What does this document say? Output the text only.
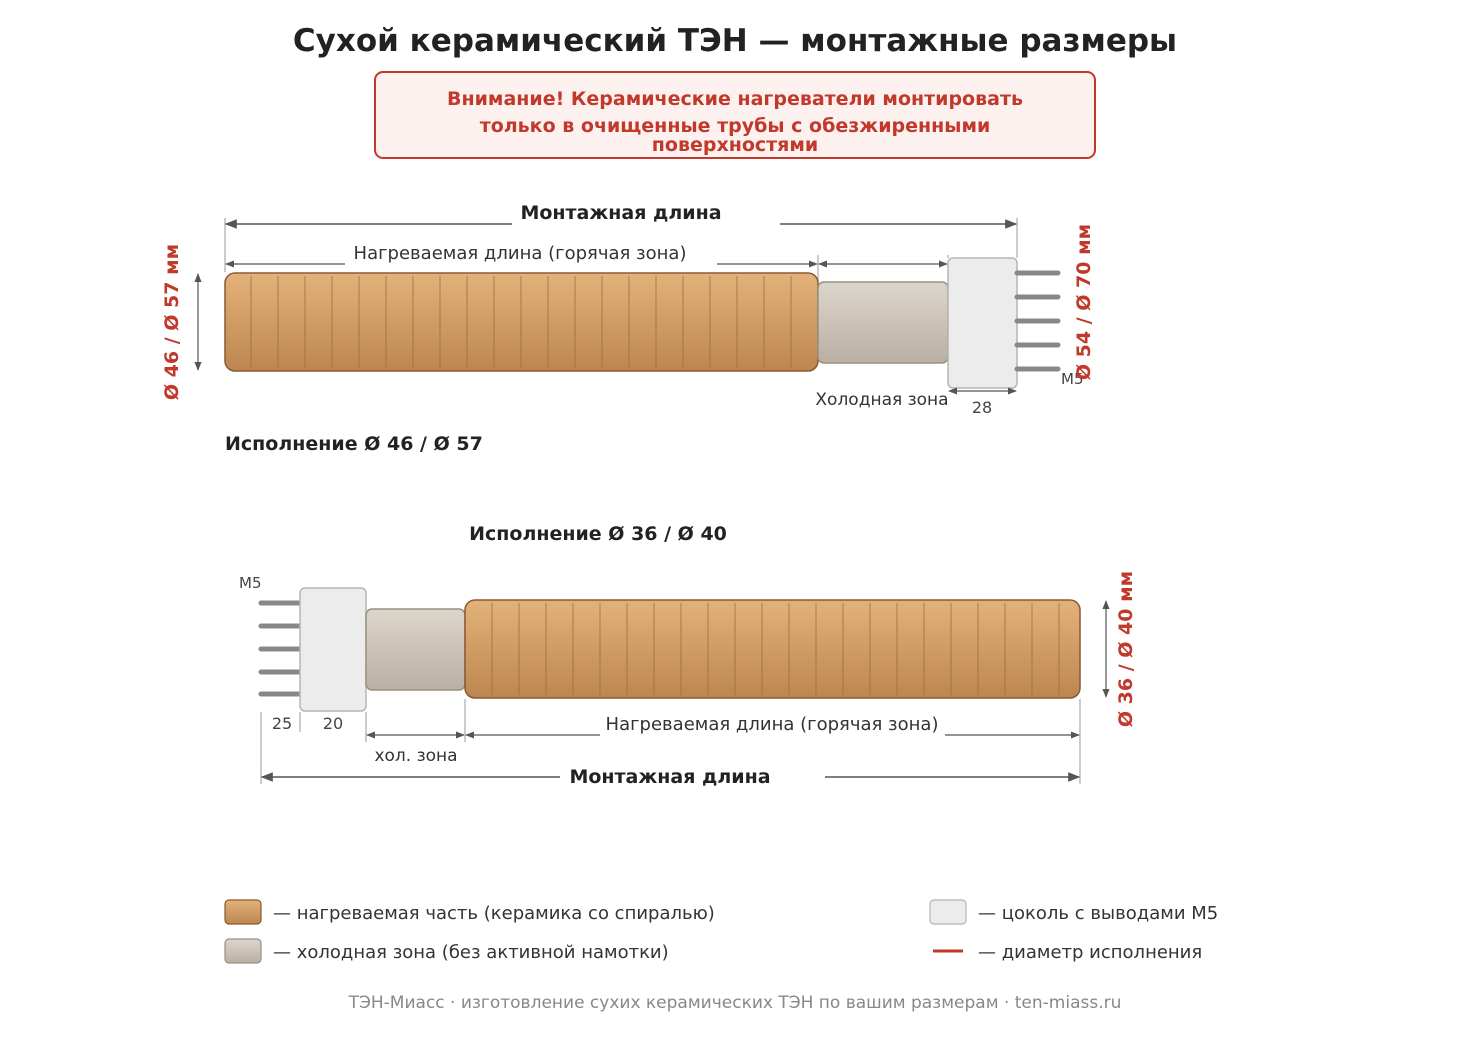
Сухой керамический ТЭН — монтажные размеры
Внимание! Керамические нагреватели монтировать
только в очищенные трубы с обезжиренными
поверхностями
Монтажная длина
Нагреваемая длина (горячая зона)
M5
Холодная зона 28
Ø 46 / Ø 57 мм	Ø 54 / Ø 70 мм
Исполнение Ø 46 / Ø 57
Исполнение Ø 36 / Ø 40
M5
25 20
хол. зона
Нагреваемая длина (горячая зона)
Монтажная длина
Ø 36 / Ø 40 мм
— нагреваемая часть (керамика со спиралью)
— холодная зона (без активной намотки)
— цоколь с выводами M5
— диаметр исполнения
ТЭН-Миасс · изготовление сухих керамических ТЭН по вашим размерам · ten-miass.ru
